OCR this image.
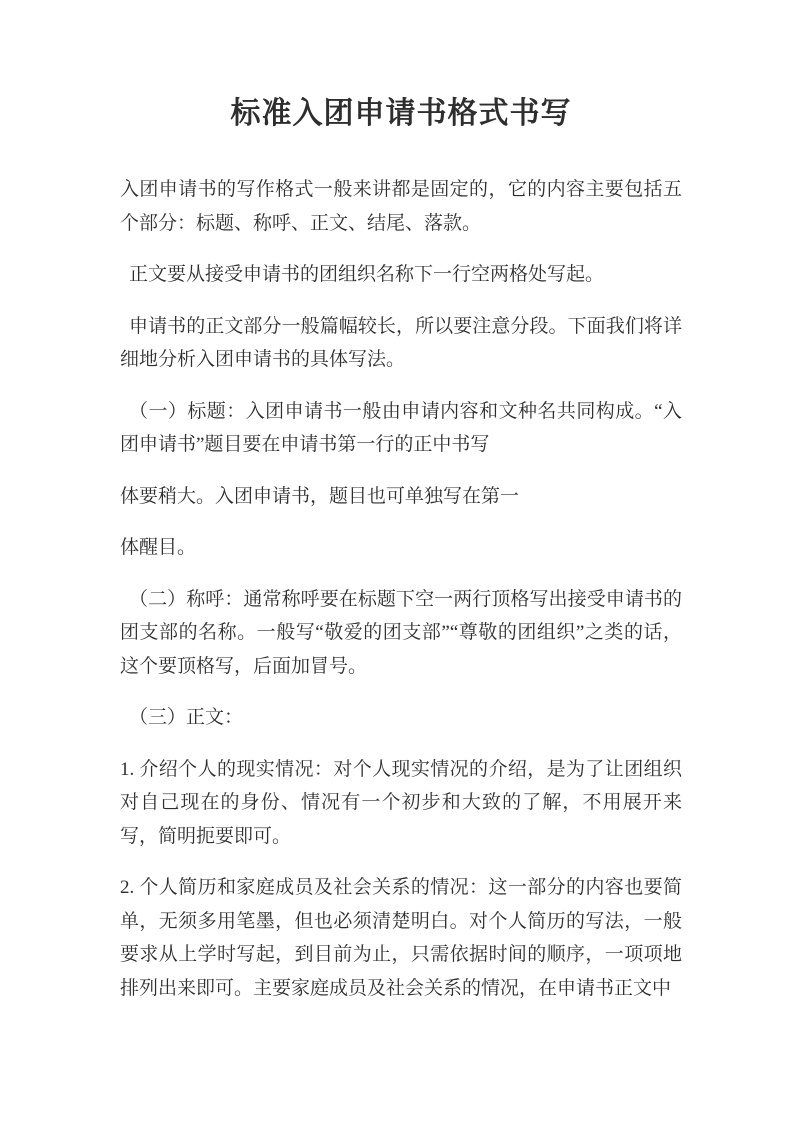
标准入团申请书格式书写

入团申请书的写作格式一般来讲都是固定的，它的内容主要包括五个部分：标题、称呼、正文、结尾、落款。

正文要从接受申请书的团组织名称下一行空两格处写起。

申请书的正文部分一般篇幅较长，所以要注意分段。下面我们将详细地分析入团申请书的具体写法。

（一）标题：入团申请书一般由申请内容和文种名共同构成。“入团申请书”题目要在申请书第一行的正中书写

体要稍大。入团申请书，题目也可单独写在第一

体醒目。

（二）称呼：通常称呼要在标题下空一两行顶格写出接受申请书的团支部的名称。一般写“敬爱的团支部”“尊敬的团组织”之类的话，这个要顶格写，后面加冒号。

（三）正文：

1. 介绍个人的现实情况：对个人现实情况的介绍，是为了让团组织对自己现在的身份、情况有一个初步和大致的了解，不用展开来写，简明扼要即可。

2. 个人简历和家庭成员及社会关系的情况：这一部分的内容也要简单，无须多用笔墨，但也必须清楚明白。对个人简历的写法，一般要求从上学时写起，到目前为止，只需依据时间的顺序，一项项地排列出来即可。主要家庭成员及社会关系的情况，在申请书正文中
